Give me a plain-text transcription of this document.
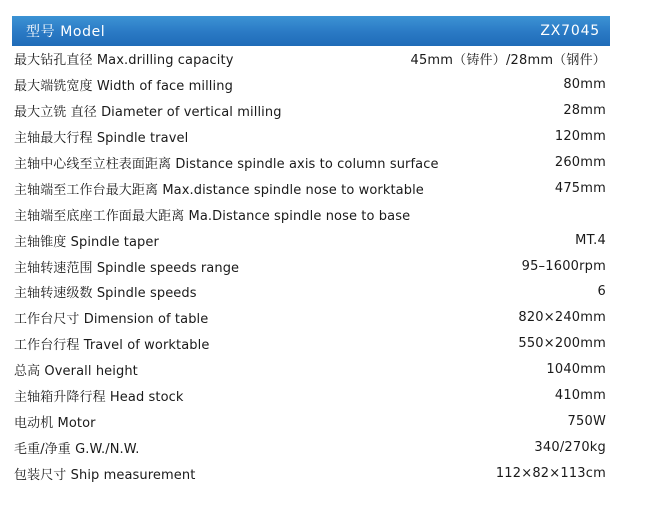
型号 Model	ZX7045
最大钻孔直径 Max.drilling capacity	45mm（铸件）/28mm（钢件）
最大端铣宽度 Width of face milling	80mm
最大立铣 直径 Diameter of vertical milling	28mm
主轴最大行程 Spindle travel	120mm
主轴中心线至立柱表面距离 Distance spindle axis to column surface	260mm
主轴端至工作台最大距离 Max.distance spindle nose to worktable	475mm
主轴端至底座工作面最大距离 Ma.Distance spindle nose to base
主轴锥度 Spindle taper	MT.4
主轴转速范围 Spindle speeds range	95–1600rpm
主轴转速级数 Spindle speeds	6
工作台尺寸 Dimension of table	820×240mm
工作台行程 Travel of worktable	550×200mm
总高 Overall height	1040mm
主轴箱升降行程 Head stock	410mm
电动机 Motor	750W
毛重/净重 G.W./N.W.	340/270kg
包装尺寸 Ship measurement	112×82×113cm
